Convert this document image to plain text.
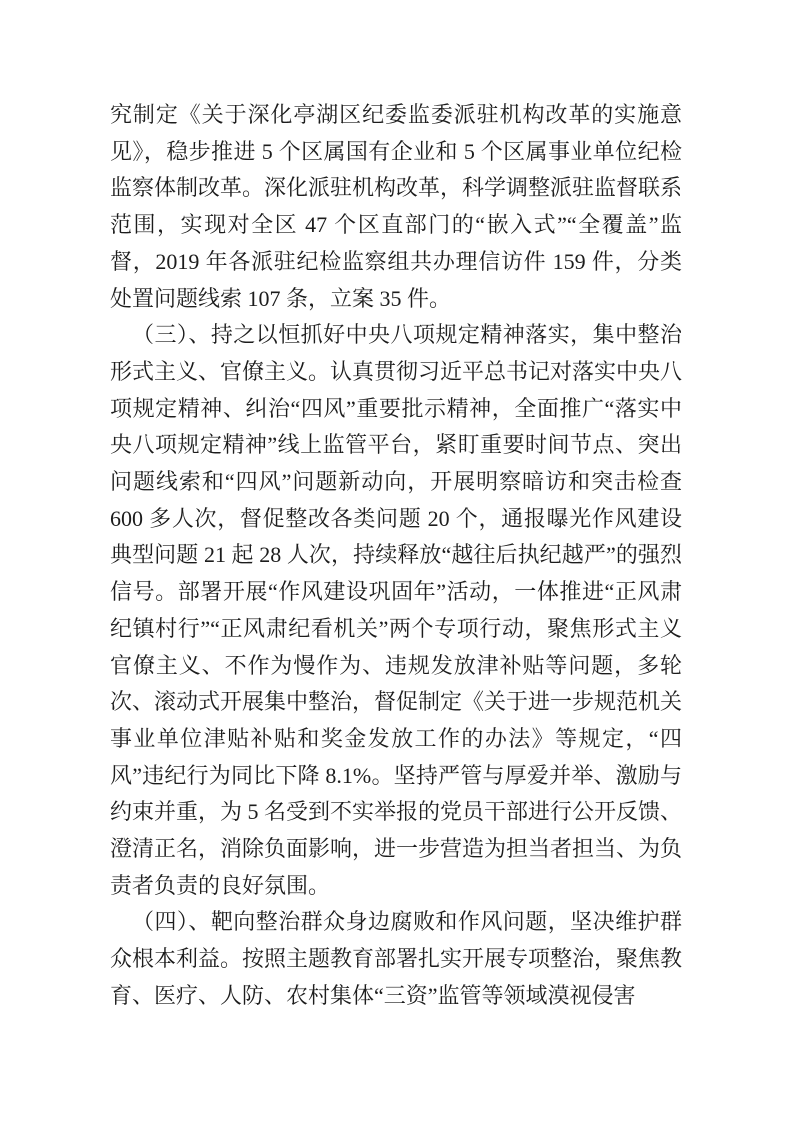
究制定《关于深化亭湖区纪委监委派驻机构改革的实施意见》，稳步推进 5 个区属国有企业和 5 个区属事业单位纪检监察体制改革。深化派驻机构改革，科学调整派驻监督联系范围，实现对全区 47 个区直部门的“嵌入式”“全覆盖”监督，2019 年各派驻纪检监察组共办理信访件 159 件，分类处置问题线索 107 条，立案 35 件。

（三）、持之以恒抓好中央八项规定精神落实，集中整治形式主义、官僚主义。认真贯彻习近平总书记对落实中央八项规定精神、纠治“四风”重要批示精神，全面推广“落实中央八项规定精神”线上监管平台，紧盯重要时间节点、突出问题线索和“四风”问题新动向，开展明察暗访和突击检查 600 多人次，督促整改各类问题 20 个，通报曝光作风建设典型问题 21 起 28 人次，持续释放“越往后执纪越严”的强烈信号。部署开展“作风建设巩固年”活动，一体推进“正风肃纪镇村行”“正风肃纪看机关”两个专项行动，聚焦形式主义官僚主义、不作为慢作为、违规发放津补贴等问题，多轮次、滚动式开展集中整治，督促制定《关于进一步规范机关事业单位津贴补贴和奖金发放工作的办法》等规定，“四风”违纪行为同比下降 8.1%。坚持严管与厚爱并举、激励与约束并重，为 5 名受到不实举报的党员干部进行公开反馈、澄清正名，消除负面影响，进一步营造为担当者担当、为负责者负责的良好氛围。

（四）、靶向整治群众身边腐败和作风问题，坚决维护群众根本利益。按照主题教育部署扎实开展专项整治，聚焦教育、医疗、人防、农村集体“三资”监管等领域漠视侵害
